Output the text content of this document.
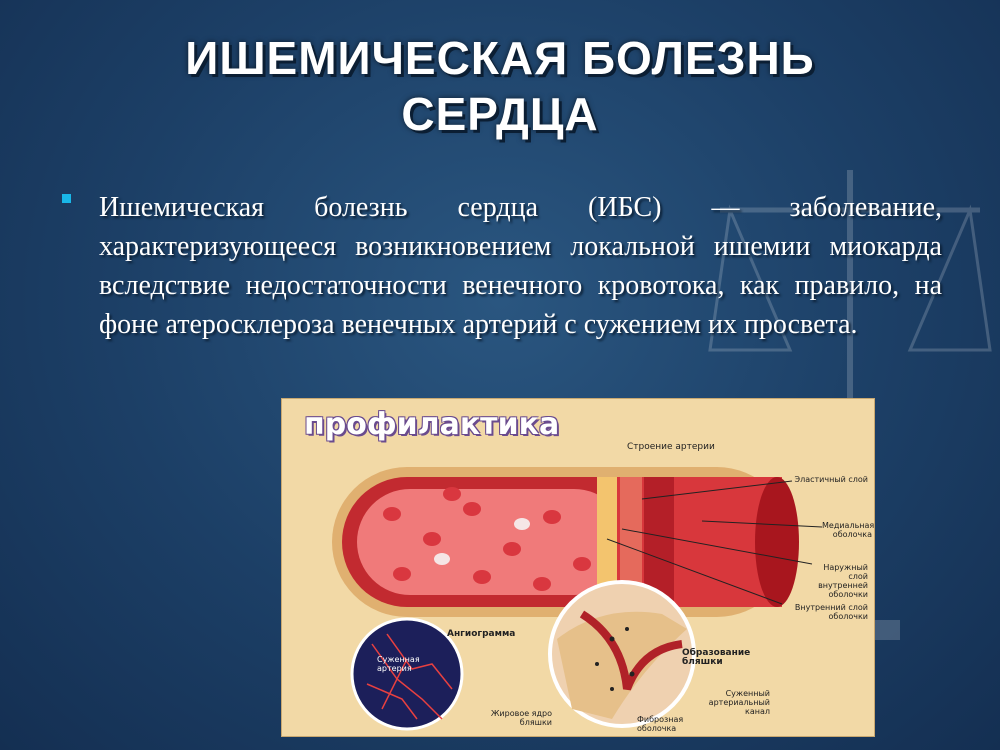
ИШЕМИЧЕСКАЯ БОЛЕЗНЬ
СЕРДЦА
Ишемическая болезнь сердца (ИБС) — заболевание, характеризующееся возникновением локальной ишемии миокарда вследствие недостаточности венечного кровотока, как правило, на фоне атеросклероза венечных артерий с сужением их просвета.
профилактика
Строение артерии
Эластичный слой
Медиальная оболочка
Наружный слой внутренней оболочки
Внутренний слой оболочки
Ангиограмма
Суженная артерия
Образование бляшки
Суженный артериальный канал
Жировое ядро бляшки	Фиброзная оболочка
